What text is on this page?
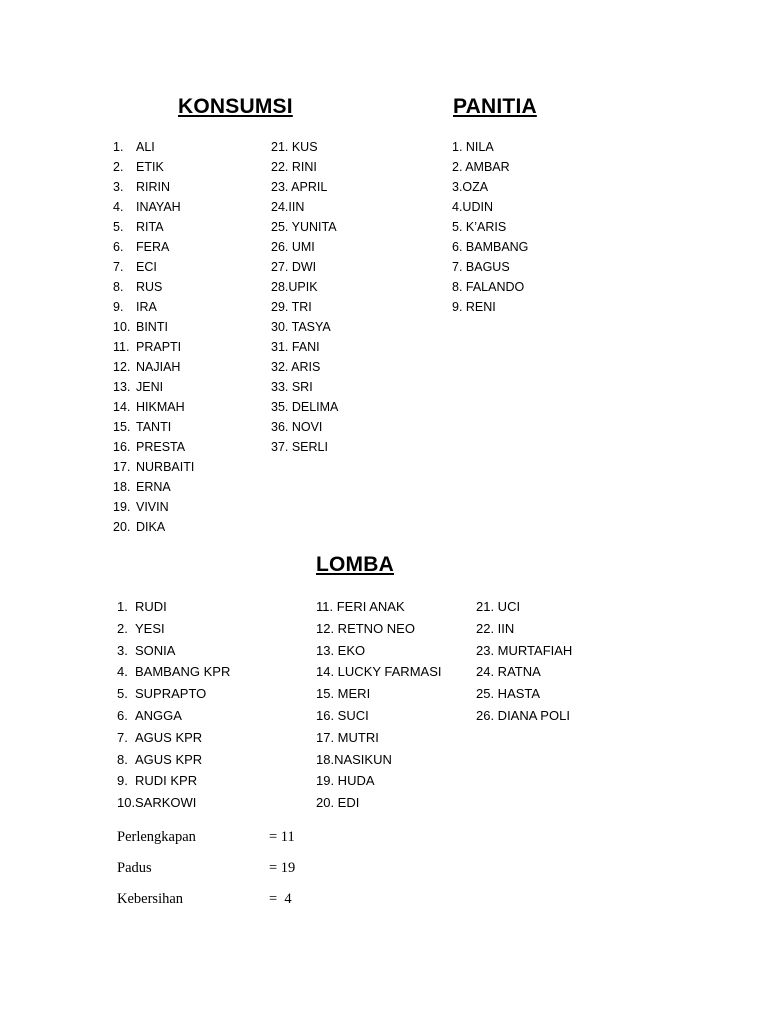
KONSUMSI	PANITIA
1.	ALI
2.	ETIK
3.	RIRIN
4.	INAYAH
5.	RITA
6.	FERA
7.	ECI
8.	RUS
9.	IRA
10. BINTI
11. PRAPTI
12. NAJIAH
13. JENI
14. HIKMAH
15. TANTI
16. PRESTA
17. NURBAITI
18. ERNA
19. VIVIN
20. DIKA
21. KUS
22. RINI
23. APRIL
24.IIN
25. YUNITA
26. UMI
27. DWI
28.UPIK
29. TRI
30. TASYA
31. FANI
32. ARIS
33. SRI
35. DELIMA
36. NOVI
37. SERLI
1. NILA
2. AMBAR
3.OZA
4.UDIN
5. K’ARIS
6. BAMBANG
7. BAGUS
8. FALANDO
9. RENI
LOMBA
1. RUDI
2. YESI
3. SONIA
4. BAMBANG KPR
5. SUPRAPTO
6. ANGGA
7. AGUS KPR
8. AGUS KPR
9. RUDI KPR
10. SARKOWI
11. FERI ANAK
12. RETNO NEO
13. EKO
14. LUCKY FARMASI
15. MERI
16. SUCI
17. MUTRI
18.NASIKUN
19. HUDA
20. EDI
21. UCI
22. IIN
23. MURTAFIAH
24. RATNA
25. HASTA
26. DIANA POLI
Perlengkapan	= 11
Padus	= 19
Kebersihan	=  4
